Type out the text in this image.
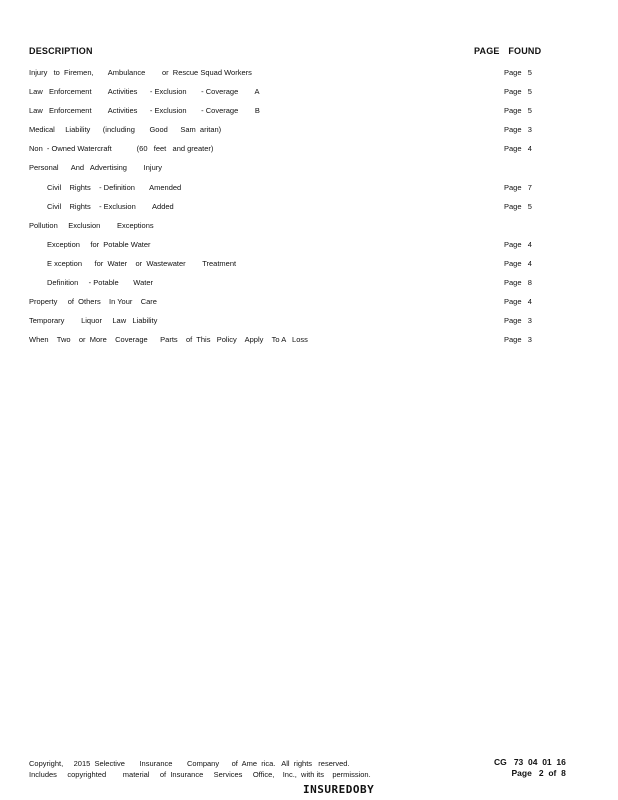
DESCRIPTION	PAGE FOUND
Injury   to  Firemen,       Ambulance        or  Rescue Squad Workers	Page   5
Law   Enforcement        Activities      - Exclusion       - Coverage        A	Page   5
Law   Enforcement        Activities      - Exclusion       - Coverage        B	Page   5
Medical     Liability      (including       Good      Sam  aritan)	Page   3
Non  - Owned Watercraft            (60   feet   and greater)	Page   4
Personal      And   Advertising        Injury
Civil    Rights    - Definition       Amended	Page   7
Civil    Rights    - Exclusion        Added	Page   5
Pollution     Exclusion        Exceptions
Exception     for  Potable Water	Page   4
E xception      for  Water    or  Wastewater        Treatment	Page   4
Definition     - Potable       Water	Page   8
Property     of  Others    In Your    Care	Page   4
Temporary        Liquor     Law   Liability	Page   3
When    Two    or  More    Coverage      Parts    of  This   Policy    Apply    To A   Loss	Page   3
Copyright,     2015  Selective       Insurance       Company      of  Ame  rica.   All  rights   reserved.
Includes     copyrighted        material     of  Insurance     Services     Office,    Inc.,  with its    permission.
CG   73  04  01  16
Page   2  of  8
INSUREDOBY
